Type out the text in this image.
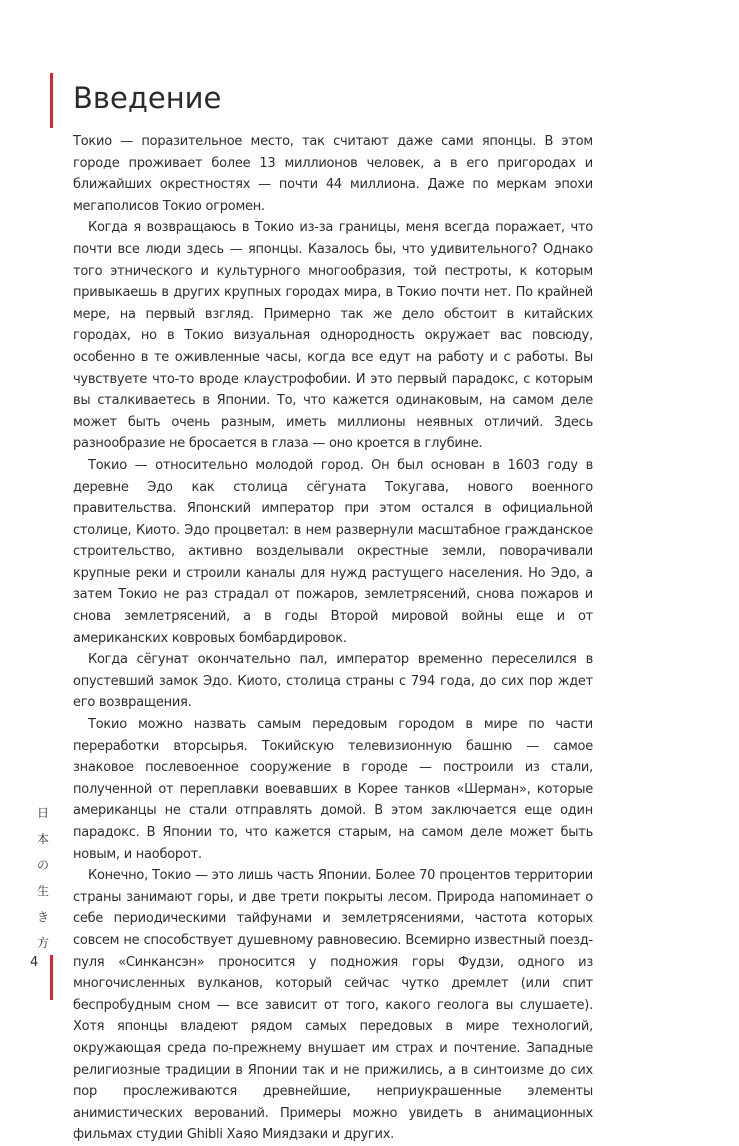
Введение

Токио — поразительное место, так считают даже сами японцы. В этом городе проживает более 13 миллионов человек, а в его пригородах и ближайших окрестностях — почти 44 миллиона. Даже по меркам эпохи мегаполисов Токио огромен.

Когда я возвращаюсь в Токио из-за границы, меня всегда поражает, что почти все люди здесь — японцы. Казалось бы, что удивительного? Однако того этнического и культурного многообразия, той пестроты, к которым привыкаешь в других крупных городах мира, в Токио почти нет. По крайней мере, на первый взгляд. Примерно так же дело обстоит в китайских городах, но в Токио визуальная однородность окружает вас повсюду, особенно в те оживленные часы, когда все едут на работу и с работы. Вы чувствуете что-то вроде клаустрофобии. И это первый парадокс, с которым вы сталкиваетесь в Японии. То, что кажется одинаковым, на самом деле может быть очень разным, иметь миллионы неявных отличий. Здесь разнообразие не бросается в глаза — оно кроется в глубине.

Токио — относительно молодой город. Он был основан в 1603 году в деревне Эдо как столица сёгуната Токугава, нового военного правительства. Японский император при этом остался в официальной столице, Киото. Эдо процветал: в нем развернули масштабное гражданское строительство, активно возделывали окрестные земли, поворачивали крупные реки и строили каналы для нужд растущего населения. Но Эдо, а затем Токио не раз страдал от пожаров, землетрясений, снова пожаров и снова землетрясений, а в годы Второй мировой войны еще и от американских ковровых бомбардировок.

Когда сёгунат окончательно пал, император временно переселился в опустевший замок Эдо. Киото, столица страны с 794 года, до сих пор ждет его возвращения.

Токио можно назвать самым передовым городом в мире по части переработки вторсырья. Токийскую телевизионную башню — самое знаковое послевоенное сооружение в городе — построили из стали, полученной от переплавки воевавших в Корее танков «Шерман», которые американцы не стали отправлять домой. В этом заключается еще один парадокс. В Японии то, что кажется старым, на самом деле может быть новым, и наоборот.

Конечно, Токио — это лишь часть Японии. Более 70 процентов территории страны занимают горы, и две трети покрыты лесом. Природа напоминает о себе периодическими тайфунами и землетрясениями, частота которых совсем не способствует душевному равновесию. Всемирно известный поезд-пуля «Синкансэн» проносится у подножия горы Фудзи, одного из многочисленных вулканов, который сейчас чутко дремлет (или спит беспробудным сном — все зависит от того, какого геолога вы слушаете). Хотя японцы владеют рядом самых передовых в мире технологий, окружающая среда по-прежнему внушает им страх и почтение. Западные религиозные традиции в Японии так и не прижились, а в синтоизме до сих пор прослеживаются древнейшие, неприукрашенные элементы анимистических верований. Примеры можно увидеть в анимационных фильмах студии Ghibli Хаяо Миядзаки и других.

日
本
の
生
き
方
4
